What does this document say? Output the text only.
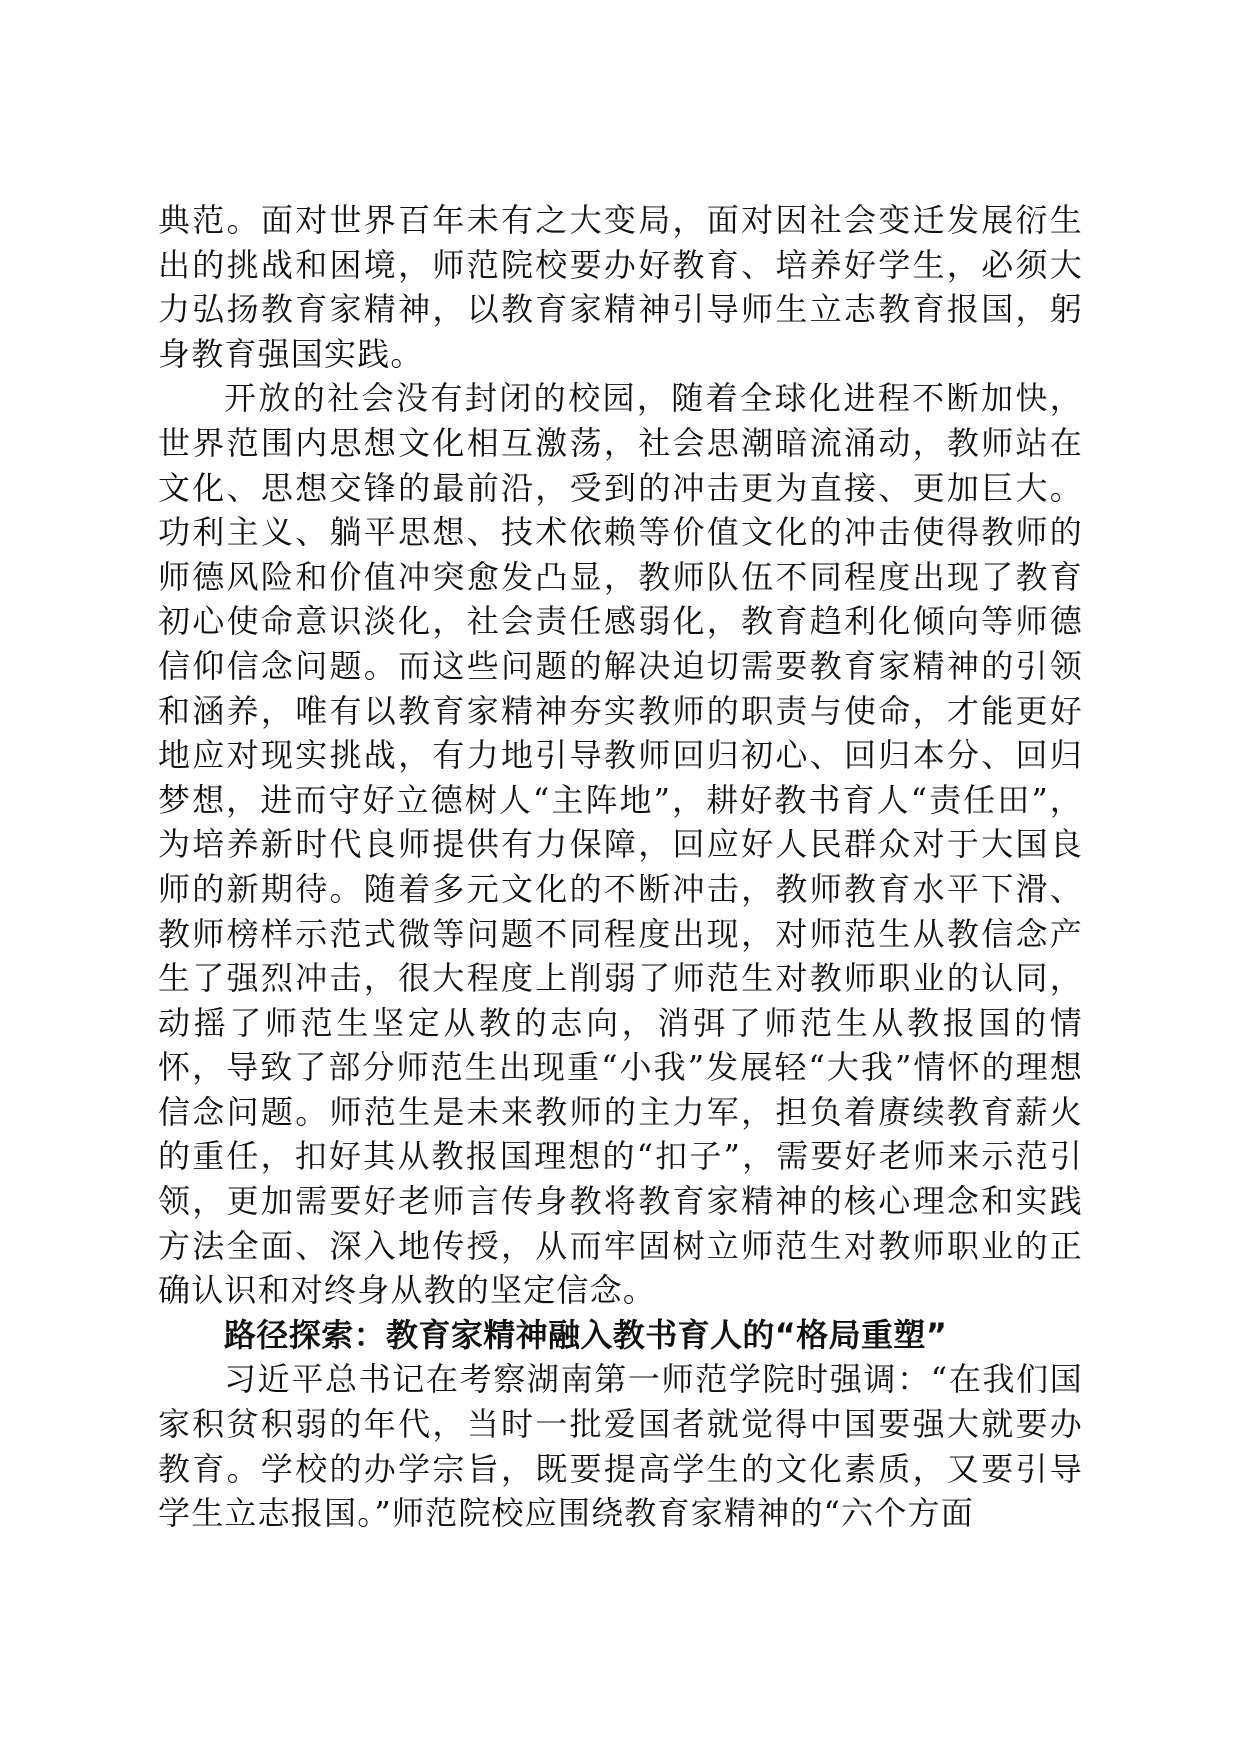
典范。面对世界百年未有之大变局，面对因社会变迁发展衍生出的挑战和困境，师范院校要办好教育、培养好学生，必须大力弘扬教育家精神，以教育家精神引导师生立志教育报国，躬身教育强国实践。

开放的社会没有封闭的校园，随着全球化进程不断加快，世界范围内思想文化相互激荡，社会思潮暗流涌动，教师站在文化、思想交锋的最前沿，受到的冲击更为直接、更加巨大。功利主义、躺平思想、技术依赖等价值文化的冲击使得教师的师德风险和价值冲突愈发凸显，教师队伍不同程度出现了教育初心使命意识淡化，社会责任感弱化，教育趋利化倾向等师德信仰信念问题。而这些问题的解决迫切需要教育家精神的引领和涵养，唯有以教育家精神夯实教师的职责与使命，才能更好地应对现实挑战，有力地引导教师回归初心、回归本分、回归梦想，进而守好立德树人“主阵地”，耕好教书育人“责任田”，为培养新时代良师提供有力保障，回应好人民群众对于大国良师的新期待。随着多元文化的不断冲击，教师教育水平下滑、教师榜样示范式微等问题不同程度出现，对师范生从教信念产生了强烈冲击，很大程度上削弱了师范生对教师职业的认同，动摇了师范生坚定从教的志向，消弭了师范生从教报国的情怀，导致了部分师范生出现重“小我”发展轻“大我”情怀的理想信念问题。师范生是未来教师的主力军，担负着赓续教育薪火的重任，扣好其从教报国理想的“扣子”，需要好老师来示范引领，更加需要好老师言传身教将教育家精神的核心理念和实践方法全面、深入地传授，从而牢固树立师范生对教师职业的正确认识和对终身从教的坚定信念。

路径探索：教育家精神融入教书育人的“格局重塑”

习近平总书记在考察湖南第一师范学院时强调：“在我们国家积贫积弱的年代，当时一批爱国者就觉得中国要强大就要办教育。学校的办学宗旨，既要提高学生的文化素质，又要引导学生立志报国。”师范院校应围绕教育家精神的“六个方面
